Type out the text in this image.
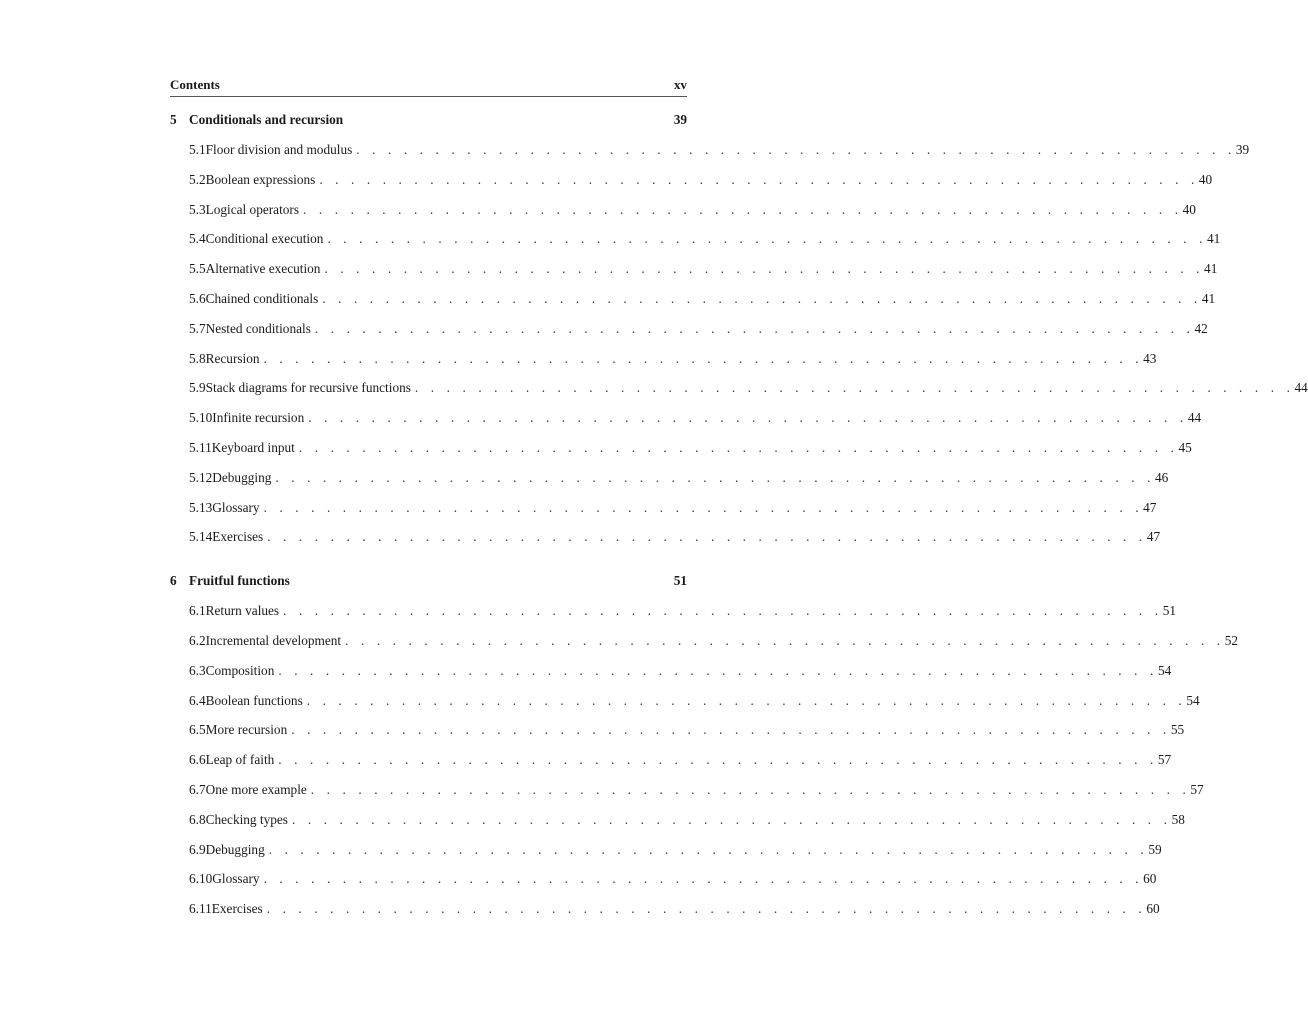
Contents	xv
5 Conditionals and recursion	39
5.1 Floor division and modulus . . . . . . . . . . . . . . . . . . . . . . . . . . . . . . . . . . . . . . . . . . . . . . . . . . . . . . . . 39
5.2 Boolean expressions . . . . . . . . . . . . . . . . . . . . . . . . . . . . . . . . . . . . . . . . . . . . . . . . . . . . . . . . 40
5.3 Logical operators . . . . . . . . . . . . . . . . . . . . . . . . . . . . . . . . . . . . . . . . . . . . . . . . . . . . . . . . 40
5.4 Conditional execution . . . . . . . . . . . . . . . . . . . . . . . . . . . . . . . . . . . . . . . . . . . . . . . . . . . . . . . . 41
5.5 Alternative execution . . . . . . . . . . . . . . . . . . . . . . . . . . . . . . . . . . . . . . . . . . . . . . . . . . . . . . . . 41
5.6 Chained conditionals . . . . . . . . . . . . . . . . . . . . . . . . . . . . . . . . . . . . . . . . . . . . . . . . . . . . . . . . 41
5.7 Nested conditionals . . . . . . . . . . . . . . . . . . . . . . . . . . . . . . . . . . . . . . . . . . . . . . . . . . . . . . . . 42
5.8 Recursion . . . . . . . . . . . . . . . . . . . . . . . . . . . . . . . . . . . . . . . . . . . . . . . . . . . . . . . . 43
5.9 Stack diagrams for recursive functions . . . . . . . . . . . . . . . . . . . . . . . . . . . . . . . . . . . . . . . . . . . . . . . . . . . . . . . . 44
5.10 Infinite recursion . . . . . . . . . . . . . . . . . . . . . . . . . . . . . . . . . . . . . . . . . . . . . . . . . . . . . . . . 44
5.11 Keyboard input . . . . . . . . . . . . . . . . . . . . . . . . . . . . . . . . . . . . . . . . . . . . . . . . . . . . . . . . 45
5.12 Debugging . . . . . . . . . . . . . . . . . . . . . . . . . . . . . . . . . . . . . . . . . . . . . . . . . . . . . . . . 46
5.13 Glossary . . . . . . . . . . . . . . . . . . . . . . . . . . . . . . . . . . . . . . . . . . . . . . . . . . . . . . . . 47
5.14 Exercises . . . . . . . . . . . . . . . . . . . . . . . . . . . . . . . . . . . . . . . . . . . . . . . . . . . . . . . . 47
6 Fruitful functions	51
6.1 Return values . . . . . . . . . . . . . . . . . . . . . . . . . . . . . . . . . . . . . . . . . . . . . . . . . . . . . . . . 51
6.2 Incremental development . . . . . . . . . . . . . . . . . . . . . . . . . . . . . . . . . . . . . . . . . . . . . . . . . . . . . . . . 52
6.3 Composition . . . . . . . . . . . . . . . . . . . . . . . . . . . . . . . . . . . . . . . . . . . . . . . . . . . . . . . . 54
6.4 Boolean functions . . . . . . . . . . . . . . . . . . . . . . . . . . . . . . . . . . . . . . . . . . . . . . . . . . . . . . . . 54
6.5 More recursion . . . . . . . . . . . . . . . . . . . . . . . . . . . . . . . . . . . . . . . . . . . . . . . . . . . . . . . . 55
6.6 Leap of faith . . . . . . . . . . . . . . . . . . . . . . . . . . . . . . . . . . . . . . . . . . . . . . . . . . . . . . . . 57
6.7 One more example . . . . . . . . . . . . . . . . . . . . . . . . . . . . . . . . . . . . . . . . . . . . . . . . . . . . . . . . 57
6.8 Checking types . . . . . . . . . . . . . . . . . . . . . . . . . . . . . . . . . . . . . . . . . . . . . . . . . . . . . . . . 58
6.9 Debugging . . . . . . . . . . . . . . . . . . . . . . . . . . . . . . . . . . . . . . . . . . . . . . . . . . . . . . . . 59
6.10 Glossary . . . . . . . . . . . . . . . . . . . . . . . . . . . . . . . . . . . . . . . . . . . . . . . . . . . . . . . . 60
6.11 Exercises . . . . . . . . . . . . . . . . . . . . . . . . . . . . . . . . . . . . . . . . . . . . . . . . . . . . . . . . 60
